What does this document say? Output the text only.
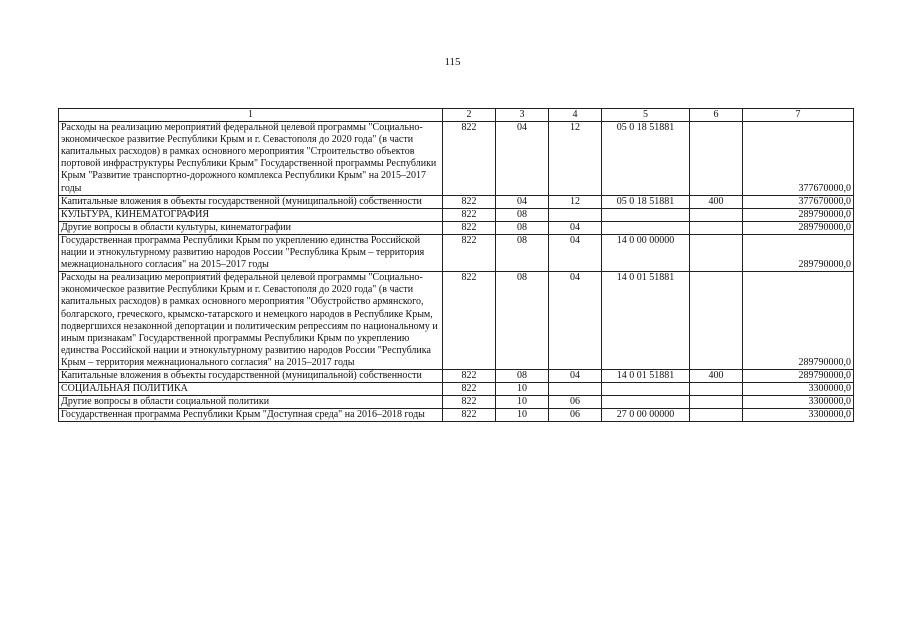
115
1	2	3	4	5	6	7
Расходы на реализацию мероприятий федеральной целевой программы "Социально-экономическое развитие Республики Крым и г. Севастополя до 2020 года" (в части капитальных расходов) в рамках основного мероприятия "Строительство объектов портовой инфраструктуры Республики Крым" Государственной программы Республики Крым "Развитие транспортно-дорожного комплекса Республики Крым" на 2015–2017 годы	822	04	12	05 0 18 51881		377670000,0
Капитальные вложения в объекты государственной (муниципальной) собственности	822	04	12	05 0 18 51881	400	377670000,0
КУЛЬТУРА, КИНЕМАТОГРАФИЯ	822	08				289790000,0
Другие вопросы в области культуры, кинематографии	822	08	04			289790000,0
Государственная программа Республики Крым по укреплению единства Российской нации и этнокультурному развитию народов России "Республика Крым – территория межнационального согласия" на 2015–2017 годы	822	08	04	14 0 00 00000		289790000,0
Расходы на реализацию мероприятий федеральной целевой программы "Социально-экономическое развитие Республики Крым и г. Севастополя до 2020 года" (в части капитальных расходов) в рамках основного мероприятия "Обустройство армянского, болгарского, греческого, крымско-татарского и немецкого народов в Республике Крым, подвергшихся незаконной депортации и политическим репрессиям по национальному и иным признакам" Государственной программы Республики Крым по укреплению единства Российской нации и этнокультурному развитию народов России "Республика Крым – территория межнационального согласия" на 2015–2017 годы	822	08	04	14 0 01 51881		289790000,0
Капитальные вложения в объекты государственной (муниципальной) собственности	822	08	04	14 0 01 51881	400	289790000,0
СОЦИАЛЬНАЯ ПОЛИТИКА	822	10				3300000,0
Другие вопросы в области социальной политики	822	10	06			3300000,0
Государственная программа Республики Крым "Доступная среда" на 2016–2018 годы	822	10	06	27 0 00 00000		3300000,0
